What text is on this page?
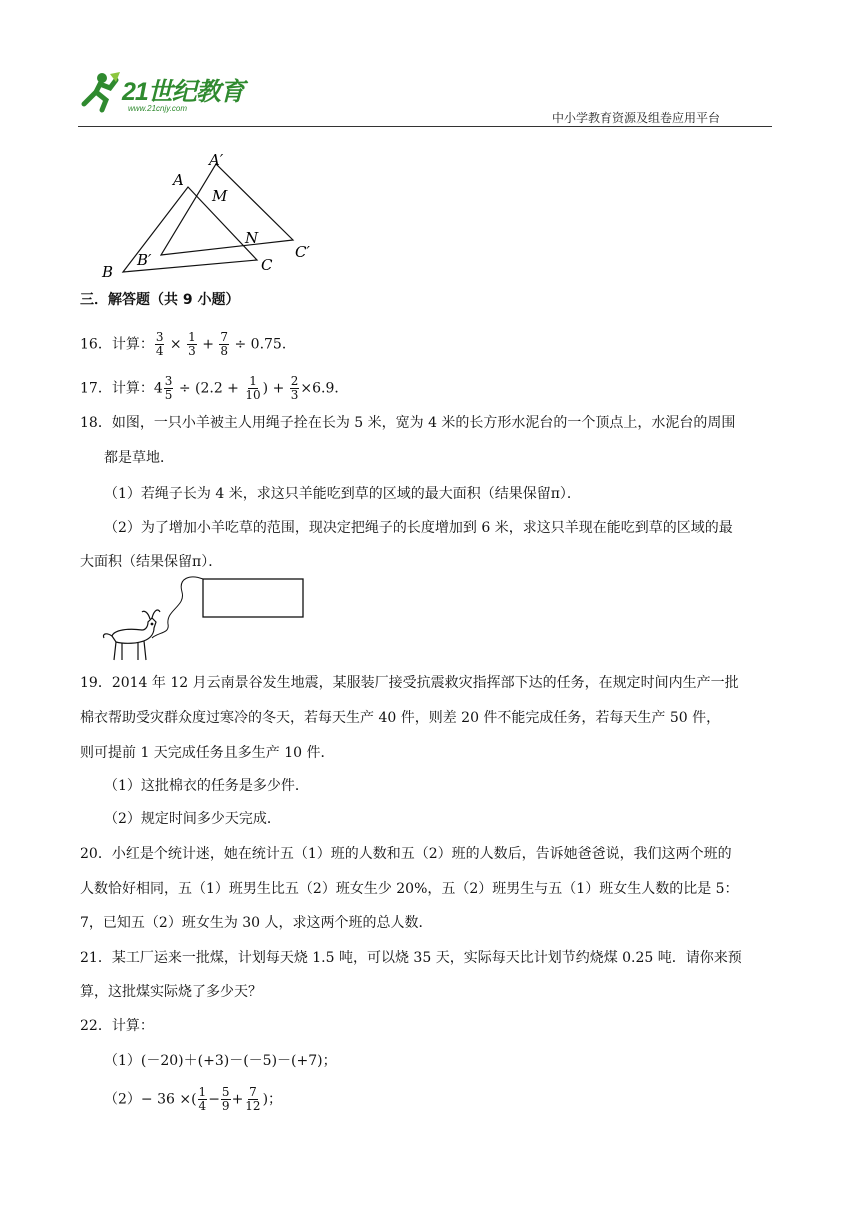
21世纪教育
www.21cnjy.com
中小学教育资源及组卷应用平台
A
A′
M
N
B
B′	C
C′
三．解答题（共 9 小题）
16．计算： $\frac{3}{4} \times \frac{1}{3} + \frac{7}{8} \div 0.75$．
17．计算：$4 \frac{3}{5} \div (2.2 + \frac{1}{10}$ ) + $\frac{2}{3} \times 6.9$．
18．如图，一只小羊被主人用绳子拴在长为 5 米，宽为 4 米的长方形水泥台的一个顶点上，水泥台的周围
都是草地．
（1）若绳子长为 4 米，求这只羊能吃到草的区域的最大面积（结果保留π）．
（2）为了增加小羊吃草的范围，现决定把绳子的长度增加到 6 米，求这只羊现在能吃到草的区域的最
大面积（结果保留π）．
19．2014 年 12 月云南景谷发生地震，某服装厂接受抗震救灾指挥部下达的任务，在规定时间内生产一批
棉衣帮助受灾群众度过寒冷的冬天，若每天生产 40 件，则差 20 件不能完成任务，若每天生产 50 件，
则可提前 1 天完成任务且多生产 10 件．
（1）这批棉衣的任务是多少件．
（2）规定时间多少天完成．
20．小红是个统计迷，她在统计五（1）班的人数和五（2）班的人数后，告诉她爸爸说，我们这两个班的
人数恰好相同，五（1）班男生比五（2）班女生少 20%，五（2）班男生与五（1）班女生人数的比是 5：
7，已知五（2）班女生为 30 人，求这两个班的总人数．
21．某工厂运来一批煤，计划每天烧 1.5 吨，可以烧 35 天，实际每天比计划节约烧煤 0.25 吨．请你来预
算，这批煤实际烧了多少天？
22．计算：
（1）(－20)＋(+3)－(－5)－(+7)；
（2）− 36 ×( $\frac{1}{4} - \frac{5}{9} + \frac{7}{12}$ )；
